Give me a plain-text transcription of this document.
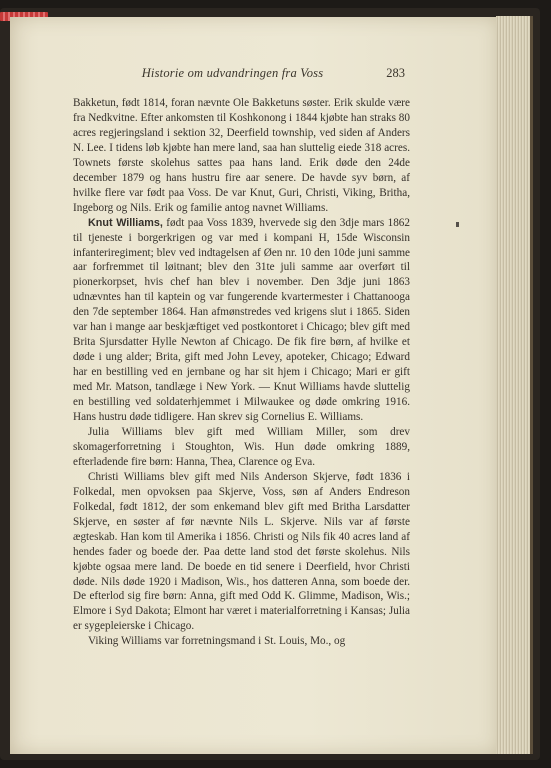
Historie om udvandringen fra Voss	283

Bakketun, født 1814, foran nævnte Ole Bakketuns søster. Erik skulde være fra Nedkvitne. Efter ankomsten til Koshkonong i 1844 kjøbte han straks 80 acres regjeringsland i sektion 32, Deerfield township, ved siden af Anders N. Lee. I tidens løb kjøbte han mere land, saa han sluttelig eiede 318 acres. Townets første skolehus sattes paa hans land. Erik døde den 24de december 1879 og hans hustru fire aar senere. De havde syv børn, af hvilke flere var født paa Voss. De var Knut, Guri, Christi, Viking, Britha, Ingeborg og Nils. Erik og familie antog navnet Williams.

Knut Williams, født paa Voss 1839, hvervede sig den 3dje mars 1862 til tjeneste i borgerkrigen og var med i kompani H, 15de Wisconsin infanteriregiment; blev ved indtagelsen af Øen nr. 10 den 10de juni samme aar forfremmet til løitnant; blev den 31te juli samme aar overført til pionerkorpset, hvis chef han blev i november. Den 3dje juni 1863 udnævntes han til kaptein og var fungerende kvartermester i Chattanooga den 7de september 1864. Han afmønstredes ved krigens slut i 1865. Siden var han i mange aar beskjæftiget ved postkontoret i Chicago; blev gift med Brita Sjursdatter Hylle Newton af Chicago. De fik fire børn, af hvilke et døde i ung alder; Brita, gift med John Levey, apoteker, Chicago; Edward har en bestilling ved en jernbane og har sit hjem i Chicago; Mari er gift med Mr. Matson, tandlæge i New York. — Knut Williams havde sluttelig en bestilling ved soldaterhjemmet i Milwaukee og døde omkring 1916. Hans hustru døde tidligere. Han skrev sig Cornelius E. Williams.

Julia Williams blev gift med William Miller, som drev skomagerforretning i Stoughton, Wis. Hun døde omkring 1889, efterladende fire børn: Hanna, Thea, Clarence og Eva.

Christi Williams blev gift med Nils Anderson Skjerve, født 1836 i Folkedal, men opvoksen paa Skjerve, Voss, søn af Anders Endreson Folkedal, født 1812, der som enkemand blev gift med Britha Larsdatter Skjerve, en søster af før nævnte Nils L. Skjerve. Nils var af første ægteskab. Han kom til Amerika i 1856. Christi og Nils fik 40 acres land af hendes fader og boede der. Paa dette land stod det første skolehus. Nils kjøbte ogsaa mere land. De boede en tid senere i Deerfield, hvor Christi døde. Nils døde 1920 i Madison, Wis., hos datteren Anna, som boede der. De efterlod sig fire børn: Anna, gift med Odd K. Glimme, Madison, Wis.; Elmore i Syd Dakota; Elmont har været i materialforretning i Kansas; Julia er sygepleierske i Chicago.

Viking Williams var forretningsmand i St. Louis, Mo., og
